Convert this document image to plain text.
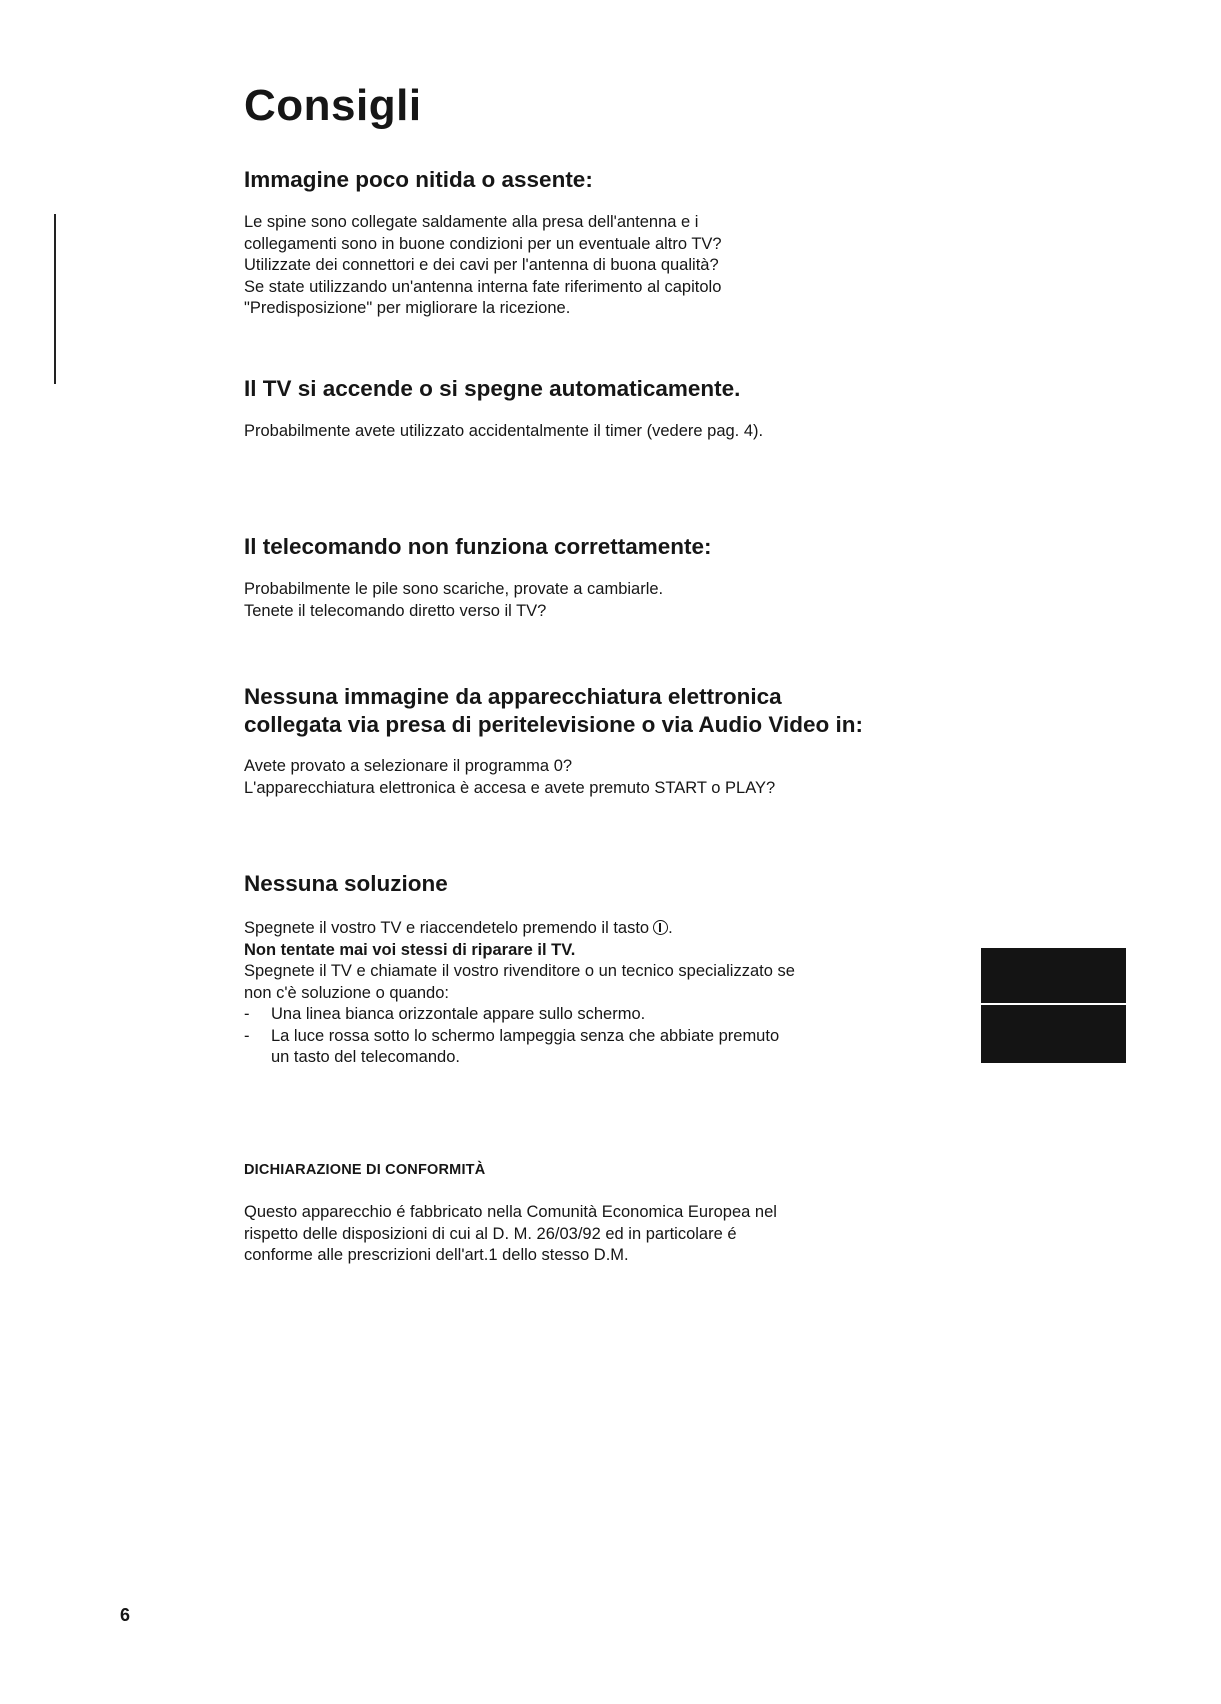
Consigli
Immagine poco nitida o assente:

Le spine sono collegate saldamente alla presa dell'antenna e i
collegamenti sono in buone condizioni per un eventuale altro TV?
Utilizzate dei connettori e dei cavi per l'antenna di buona qualità?
Se state utilizzando un'antenna interna fate riferimento al capitolo
"Predisposizione" per migliorare la ricezione.

Il TV si accende o si spegne automaticamente.

Probabilmente avete utilizzato accidentalmente il timer (vedere pag. 4).

Il telecomando non funziona correttamente:

Probabilmente le pile sono scariche, provate a cambiarle.
Tenete il telecomando diretto verso il TV?

Nessuna immagine da apparecchiatura elettronica
collegata via presa di peritelevisione o via Audio Video in:

Avete provato a selezionare il programma 0?
L'apparecchiatura elettronica è accesa e avete premuto START o PLAY?

Nessuna soluzione

Spegnete il vostro TV e riaccendetelo premendo il tasto .

Non tentate mai voi stessi di riparare il TV.

Spegnete il TV e chiamate il vostro rivenditore o un tecnico specializzato se
non c'è soluzione o quando:

- Una linea bianca orizzontale appare sullo schermo.
- La luce rossa sotto lo schermo lampeggia senza che abbiate premuto
un tasto del telecomando.

DICHIARAZIONE DI CONFORMITÀ

Questo apparecchio é fabbricato nella Comunità Economica Europea nel
rispetto delle disposizioni di cui al D. M. 26/03/92 ed in particolare é
conforme alle prescrizioni dell'art.1 dello stesso D.M.

6
